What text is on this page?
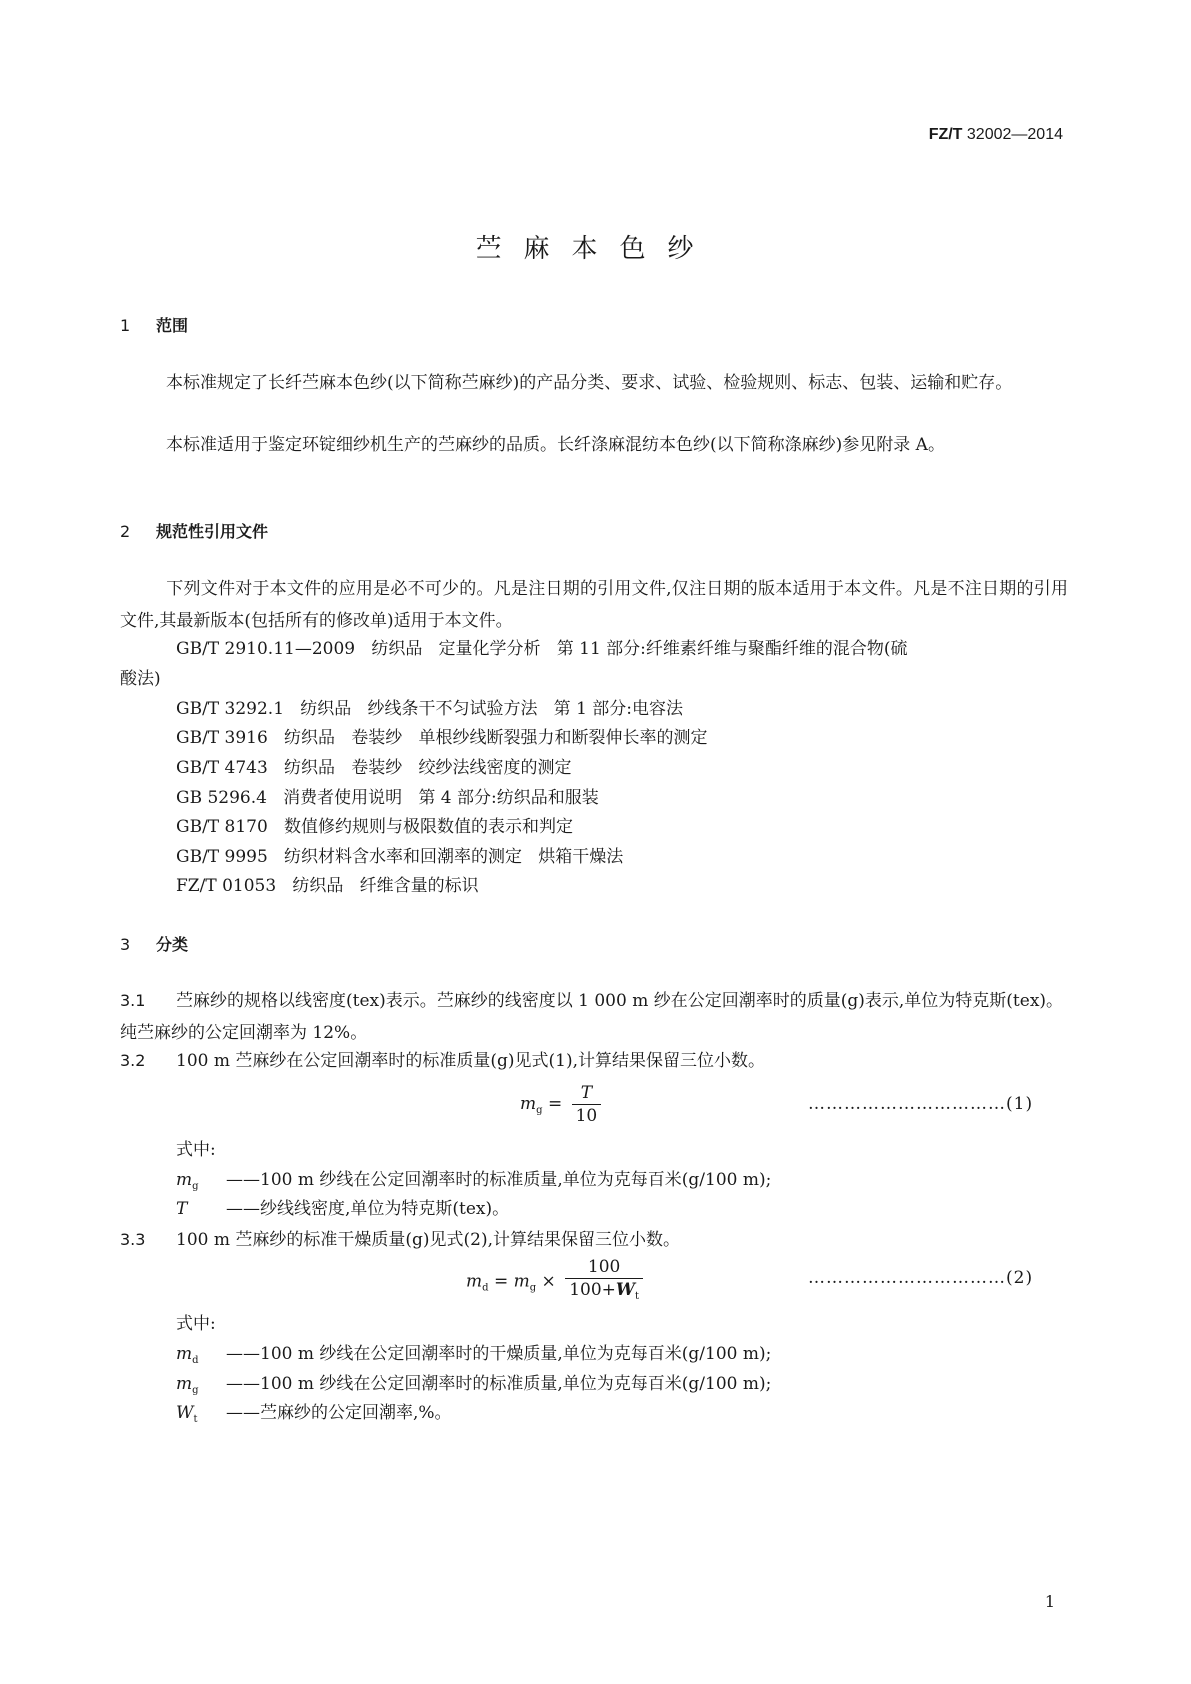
FZ/T 32002—2014
苎麻本色纱
1 范围
本标准规定了长纤苎麻本色纱(以下简称苎麻纱)的产品分类、要求、试验、检验规则、标志、包装、运输和贮存。
本标准适用于鉴定环锭细纱机生产的苎麻纱的品质。长纤涤麻混纺本色纱(以下简称涤麻纱)参见附录 A。
2 规范性引用文件
下列文件对于本文件的应用是必不可少的。凡是注日期的引用文件,仅注日期的版本适用于本文件。凡是不注日期的引用文件,其最新版本(包括所有的修改单)适用于本文件。
GB/T 2910.11—2009   纺织品   定量化学分析   第 11 部分:纤维素纤维与聚酯纤维的混合物(硫
酸法)
GB/T 3292.1   纺织品   纱线条干不匀试验方法   第 1 部分:电容法
GB/T 3916   纺织品   卷装纱   单根纱线断裂强力和断裂伸长率的测定
GB/T 4743   纺织品   卷装纱   绞纱法线密度的测定
GB 5296.4   消费者使用说明   第 4 部分:纺织品和服装
GB/T 8170   数值修约规则与极限数值的表示和判定
GB/T 9995   纺织材料含水率和回潮率的测定   烘箱干燥法
FZ/T 01053   纺织品   纤维含量的标识
3 分类
3.1 苎麻纱的规格以线密度(tex)表示。苎麻纱的线密度以 1 000 m 纱在公定回潮率时的质量(g)表示,单位为特克斯(tex)。纯苎麻纱的公定回潮率为 12%。
3.2 100 m 苎麻纱在公定回潮率时的标准质量(g)见式(1),计算结果保留三位小数。
$m_g = \frac{T}{10}$	……………………………(1)
式中:
$m_g$ ——100 m 纱线在公定回潮率时的标准质量,单位为克每百米(g/100 m);
T ——纱线线密度,单位为特克斯(tex)。
3.3 100 m 苎麻纱的标准干燥质量(g)见式(2),计算结果保留三位小数。
$m_d = m_g \times \frac{100}{100+W_t}$	……………………………(2)
式中:
$m_d$ ——100 m 纱线在公定回潮率时的干燥质量,单位为克每百米(g/100 m);
$m_g$ ——100 m 纱线在公定回潮率时的标准质量,单位为克每百米(g/100 m);
$W_t$ ——苎麻纱的公定回潮率,%。
1
